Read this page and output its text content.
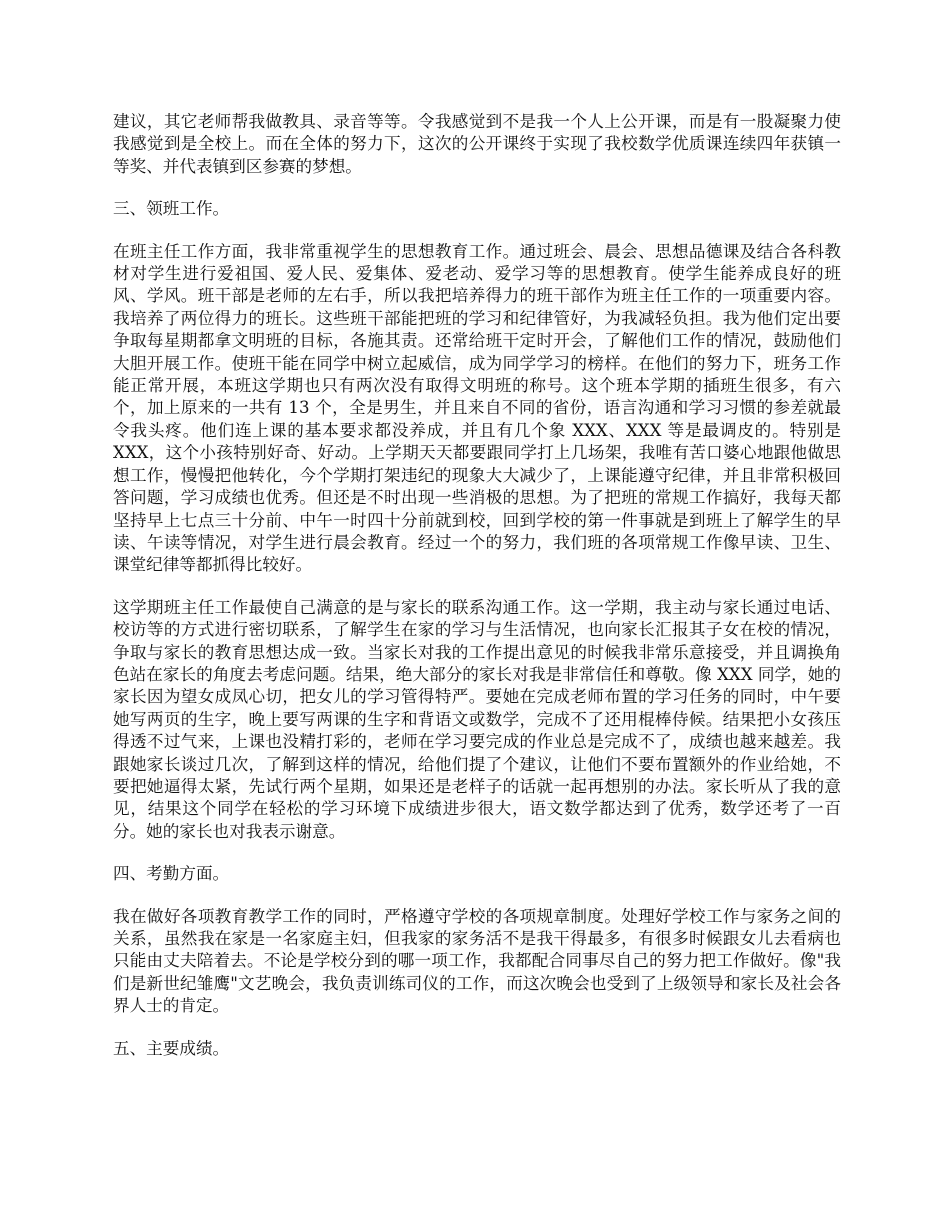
建议，其它老师帮我做教具、录音等等。令我感觉到不是我一个人上公开课，而是有一股凝聚力使我感觉到是全校上。而在全体的努力下，这次的公开课终于实现了我校数学优质课连续四年获镇一等奖、并代表镇到区参赛的梦想。

三、领班工作。

在班主任工作方面，我非常重视学生的思想教育工作。通过班会、晨会、思想品德课及结合各科教材对学生进行爱祖国、爱人民、爱集体、爱老动、爱学习等的思想教育。使学生能养成良好的班风、学风。班干部是老师的左右手，所以我把培养得力的班干部作为班主任工作的一项重要内容。我培养了两位得力的班长。这些班干部能把班的学习和纪律管好，为我减轻负担。我为他们定出要争取每星期都拿文明班的目标，各施其责。还常给班干定时开会，了解他们工作的情况，鼓励他们大胆开展工作。使班干能在同学中树立起威信，成为同学学习的榜样。在他们的努力下，班务工作能正常开展，本班这学期也只有两次没有取得文明班的称号。这个班本学期的插班生很多，有六个，加上原来的一共有 13 个，全是男生，并且来自不同的省份，语言沟通和学习习惯的参差就最令我头疼。他们连上课的基本要求都没养成，并且有几个象 XXX、XXX 等是最调皮的。特别是 XXX，这个小孩特别好奇、好动。上学期天天都要跟同学打上几场架，我唯有苦口婆心地跟他做思想工作，慢慢把他转化，今个学期打架违纪的现象大大减少了，上课能遵守纪律，并且非常积极回答问题，学习成绩也优秀。但还是不时出现一些消极的思想。为了把班的常规工作搞好，我每天都坚持早上七点三十分前、中午一时四十分前就到校，回到学校的第一件事就是到班上了解学生的早读、午读等情况，对学生进行晨会教育。经过一个的努力，我们班的各项常规工作像早读、卫生、课堂纪律等都抓得比较好。

这学期班主任工作最使自己满意的是与家长的联系沟通工作。这一学期，我主动与家长通过电话、校访等的方式进行密切联系，了解学生在家的学习与生活情况，也向家长汇报其子女在校的情况，争取与家长的教育思想达成一致。当家长对我的工作提出意见的时候我非常乐意接受，并且调换角色站在家长的角度去考虑问题。结果，绝大部分的家长对我是非常信任和尊敬。像 XXX 同学，她的家长因为望女成凤心切，把女儿的学习管得特严。要她在完成老师布置的学习任务的同时，中午要她写两页的生字，晚上要写两课的生字和背语文或数学，完成不了还用棍棒侍候。结果把小女孩压得透不过气来，上课也没精打彩的，老师在学习要完成的作业总是完成不了，成绩也越来越差。我跟她家长谈过几次，了解到这样的情况，给他们提了个建议，让他们不要布置额外的作业给她，不要把她逼得太紧，先试行两个星期，如果还是老样子的话就一起再想别的办法。家长听从了我的意见，结果这个同学在轻松的学习环境下成绩进步很大，语文数学都达到了优秀，数学还考了一百分。她的家长也对我表示谢意。

四、考勤方面。

我在做好各项教育教学工作的同时，严格遵守学校的各项规章制度。处理好学校工作与家务之间的关系，虽然我在家是一名家庭主妇，但我家的家务活不是我干得最多，有很多时候跟女儿去看病也只能由丈夫陪着去。不论是学校分到的哪一项工作，我都配合同事尽自己的努力把工作做好。像"我们是新世纪雏鹰"文艺晚会，我负责训练司仪的工作，而这次晚会也受到了上级领导和家长及社会各界人士的肯定。

五、主要成绩。
